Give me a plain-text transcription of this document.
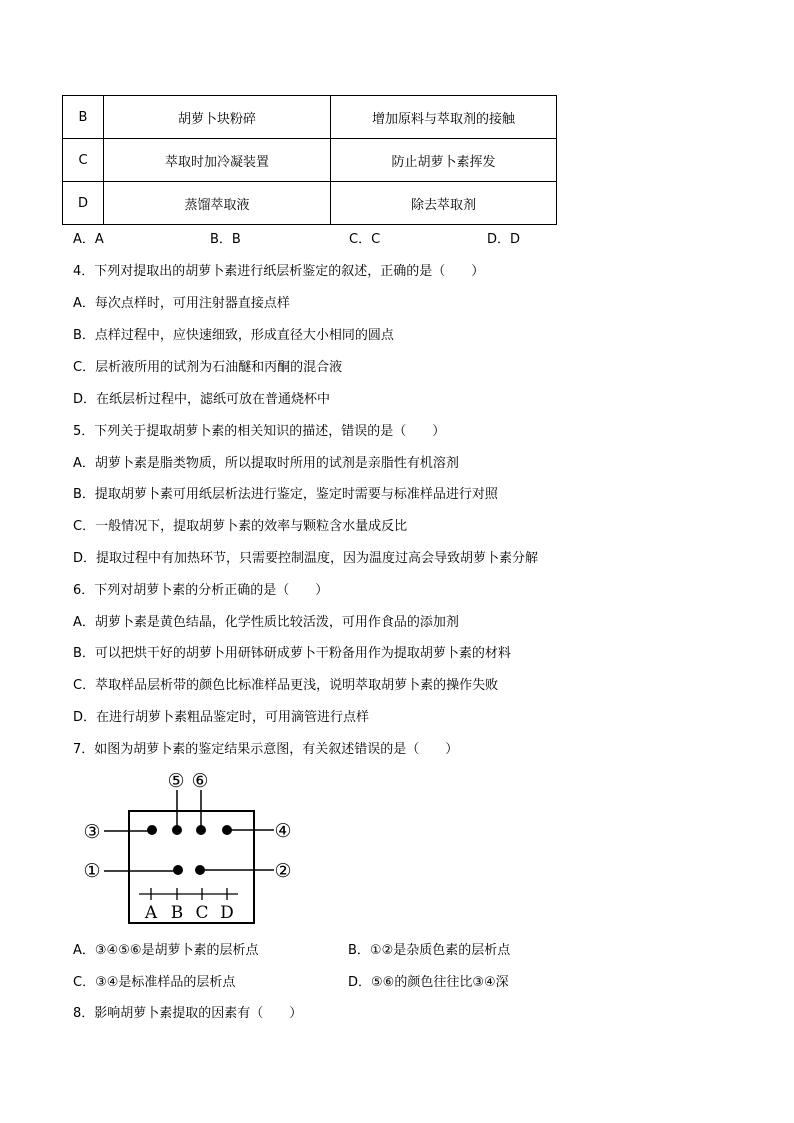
B	胡萝卜块粉碎	增加原料与萃取剂的接触
C	萃取时加冷凝装置	防止胡萝卜素挥发
D	蒸馏萃取液	除去萃取剂
A．A	B．B	C．C	D．D
4．下列对提取出的胡萝卜素进行纸层析鉴定的叙述，正确的是（　　）
A．每次点样时，可用注射器直接点样
B．点样过程中，应快速细致，形成直径大小相同的圆点
C．层析液所用的试剂为石油醚和丙酮的混合液
D．在纸层析过程中，滤纸可放在普通烧杯中
5．下列关于提取胡萝卜素的相关知识的描述，错误的是（　　）
A．胡萝卜素是脂类物质，所以提取时所用的试剂是亲脂性有机溶剂
B．提取胡萝卜素可用纸层析法进行鉴定，鉴定时需要与标准样品进行对照
C．一般情况下，提取胡萝卜素的效率与颗粒含水量成反比
D．提取过程中有加热环节，只需要控制温度，因为温度过高会导致胡萝卜素分解
6．下列对胡萝卜素的分析正确的是（　　）
A．胡萝卜素是黄色结晶，化学性质比较活泼，可用作食品的添加剂
B．可以把烘干好的胡萝卜用研钵研成萝卜干粉备用作为提取胡萝卜素的材料
C．萃取样品层析带的颜色比标准样品更浅，说明萃取胡萝卜素的操作失败
D．在进行胡萝卜素粗品鉴定时，可用滴管进行点样
7．如图为胡萝卜素的鉴定结果示意图，有关叙述错误的是（　　）
A B C D
③	④
⑤ ⑥
①	②
A．③④⑤⑥是胡萝卜素的层析点	B．①②是杂质色素的层析点
C．③④是标准样品的层析点	D．⑤⑥的颜色往往比③④深
8．影响胡萝卜素提取的因素有（　　）
